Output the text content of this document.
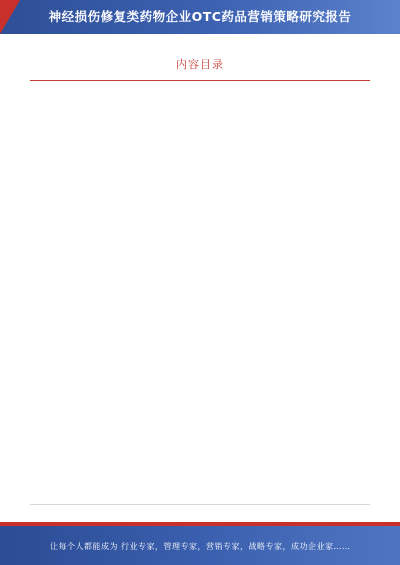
神经损伤修复类药物企业OTC药品营销策略研究报告
内容目录
让每个人都能成为 行业专家，管理专家，营销专家，战略专家，成功企业家……
